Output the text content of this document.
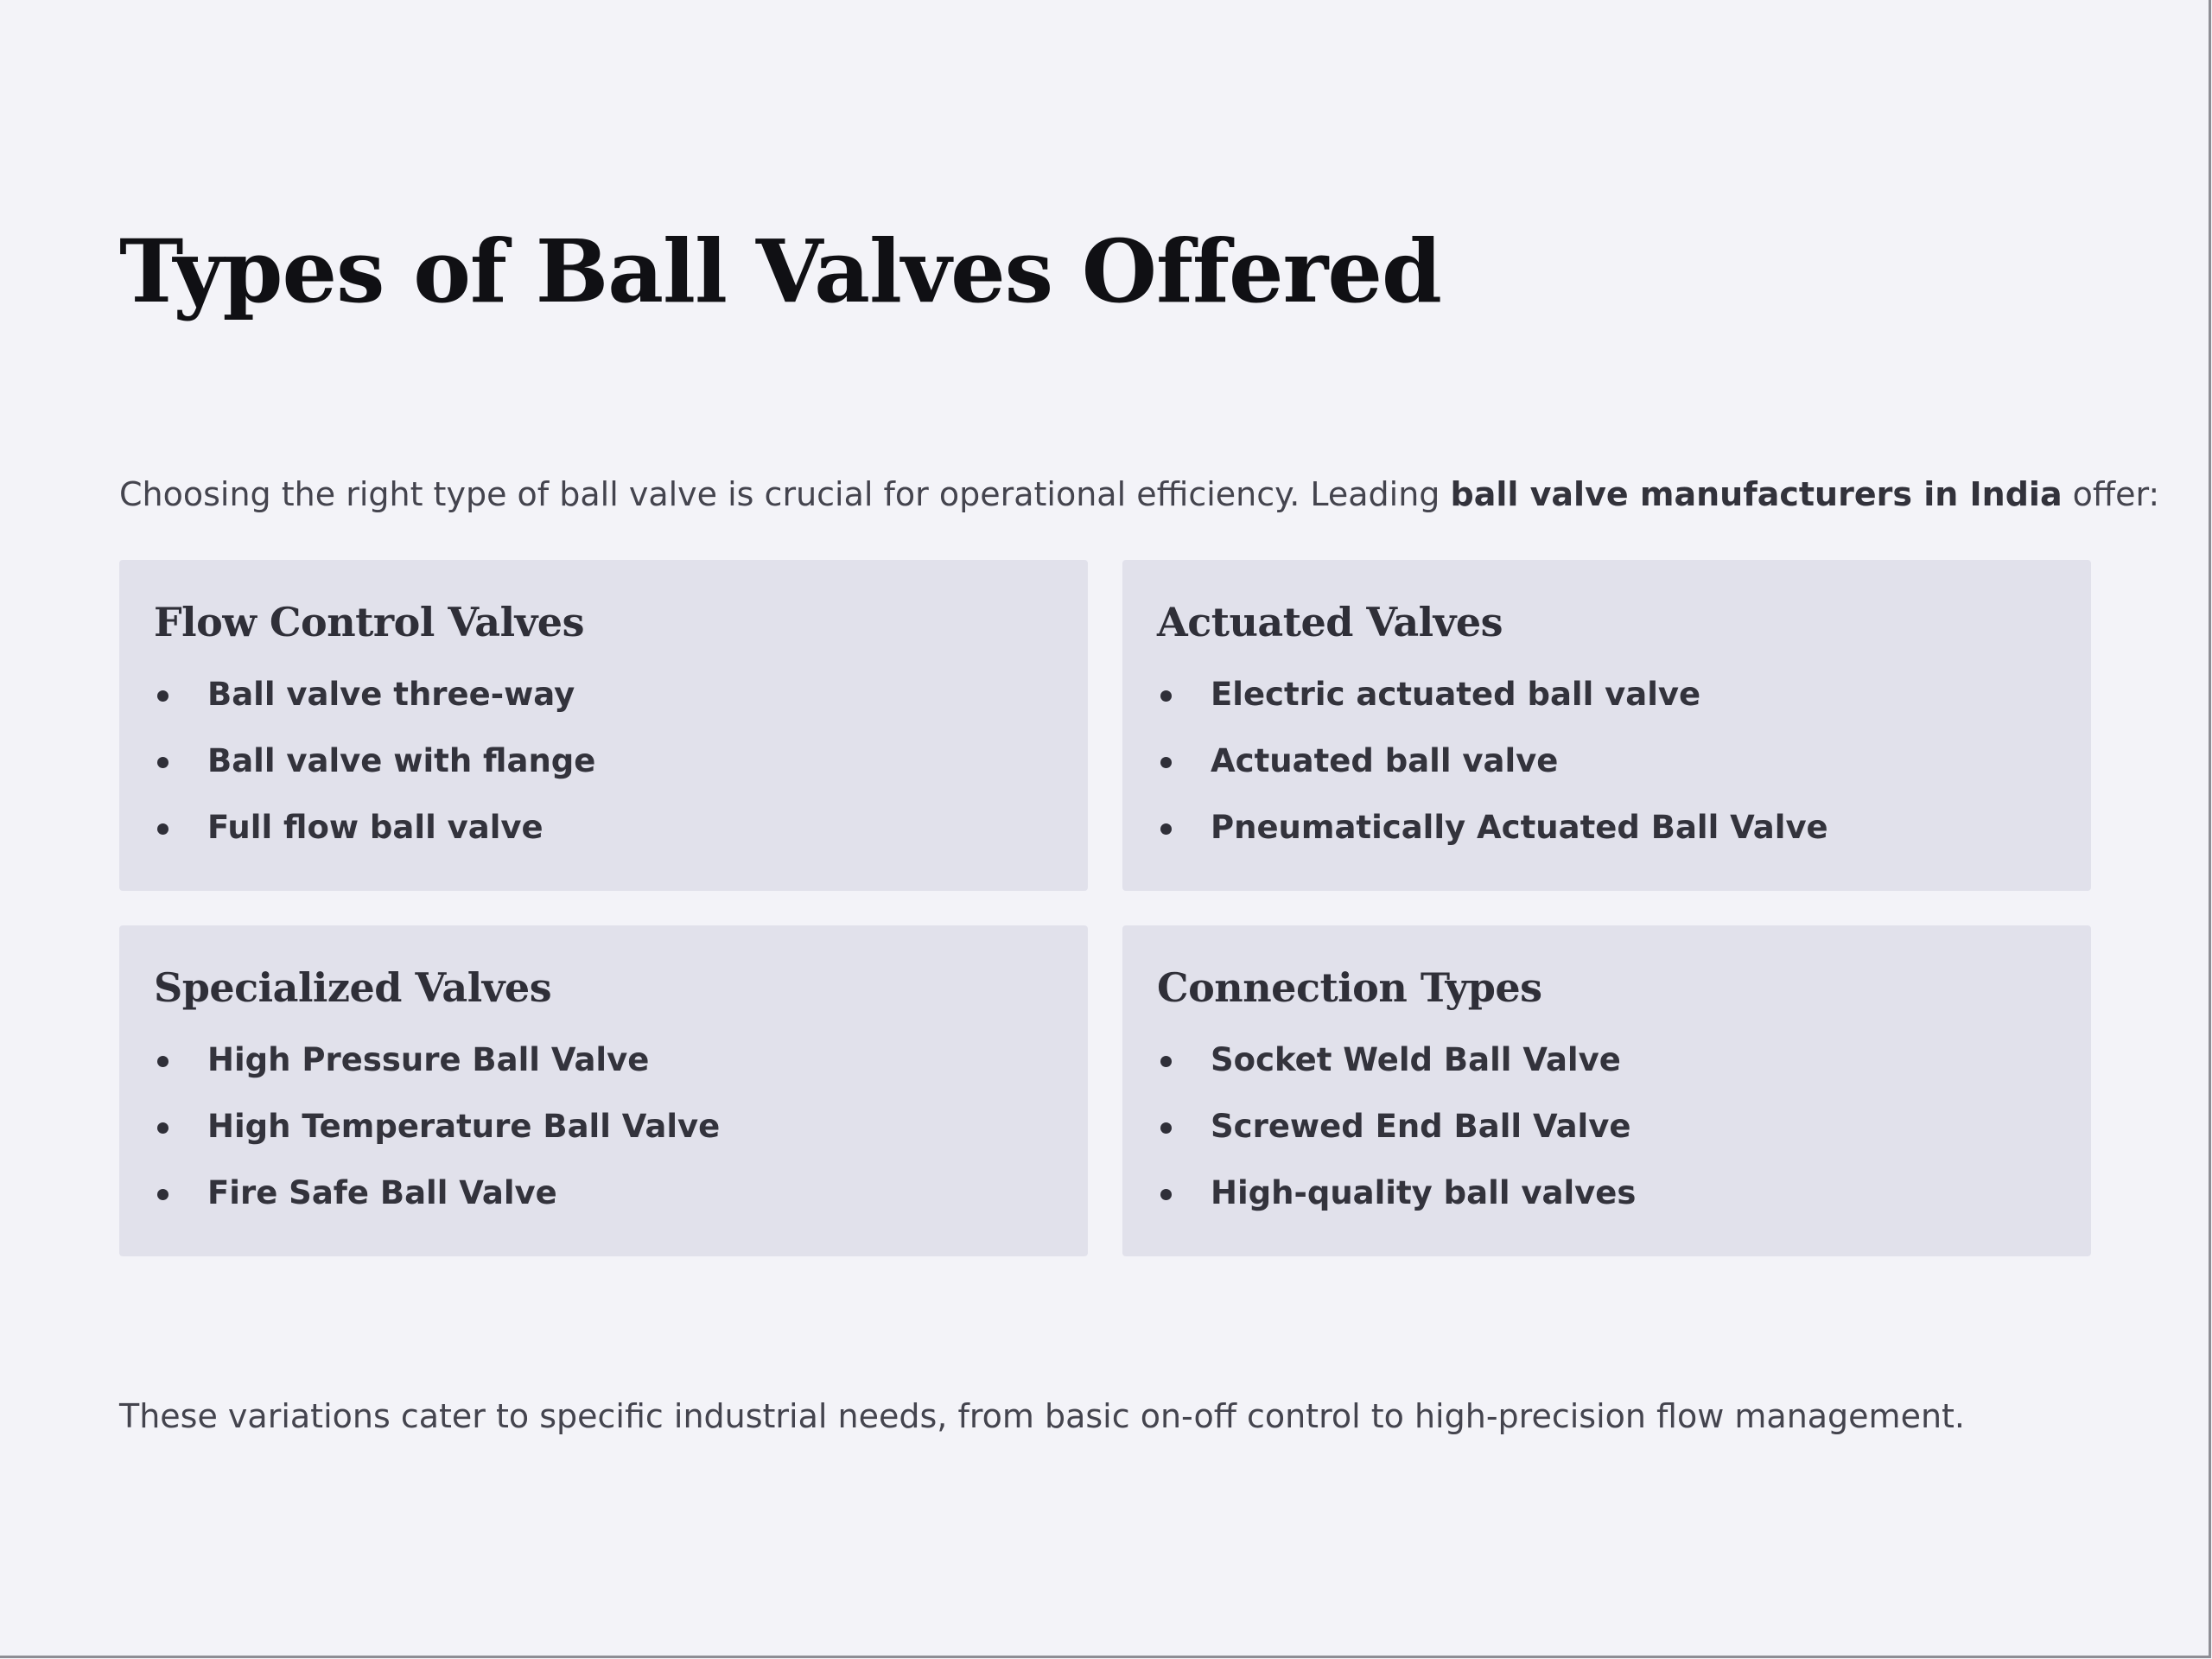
Types of Ball Valves Offered

Choosing the right type of ball valve is crucial for operational efficiency. Leading ball valve manufacturers in India offer:

Flow Control Valves
Ball valve three-way
Ball valve with flange
Full flow ball valve
Actuated Valves
Electric actuated ball valve
Actuated ball valve
Pneumatically Actuated Ball Valve
Specialized Valves
High Pressure Ball Valve
High Temperature Ball Valve
Fire Safe Ball Valve
Connection Types
Socket Weld Ball Valve
Screwed End Ball Valve
High-quality ball valves

These variations cater to specific industrial needs, from basic on-off control to high-precision flow management.
